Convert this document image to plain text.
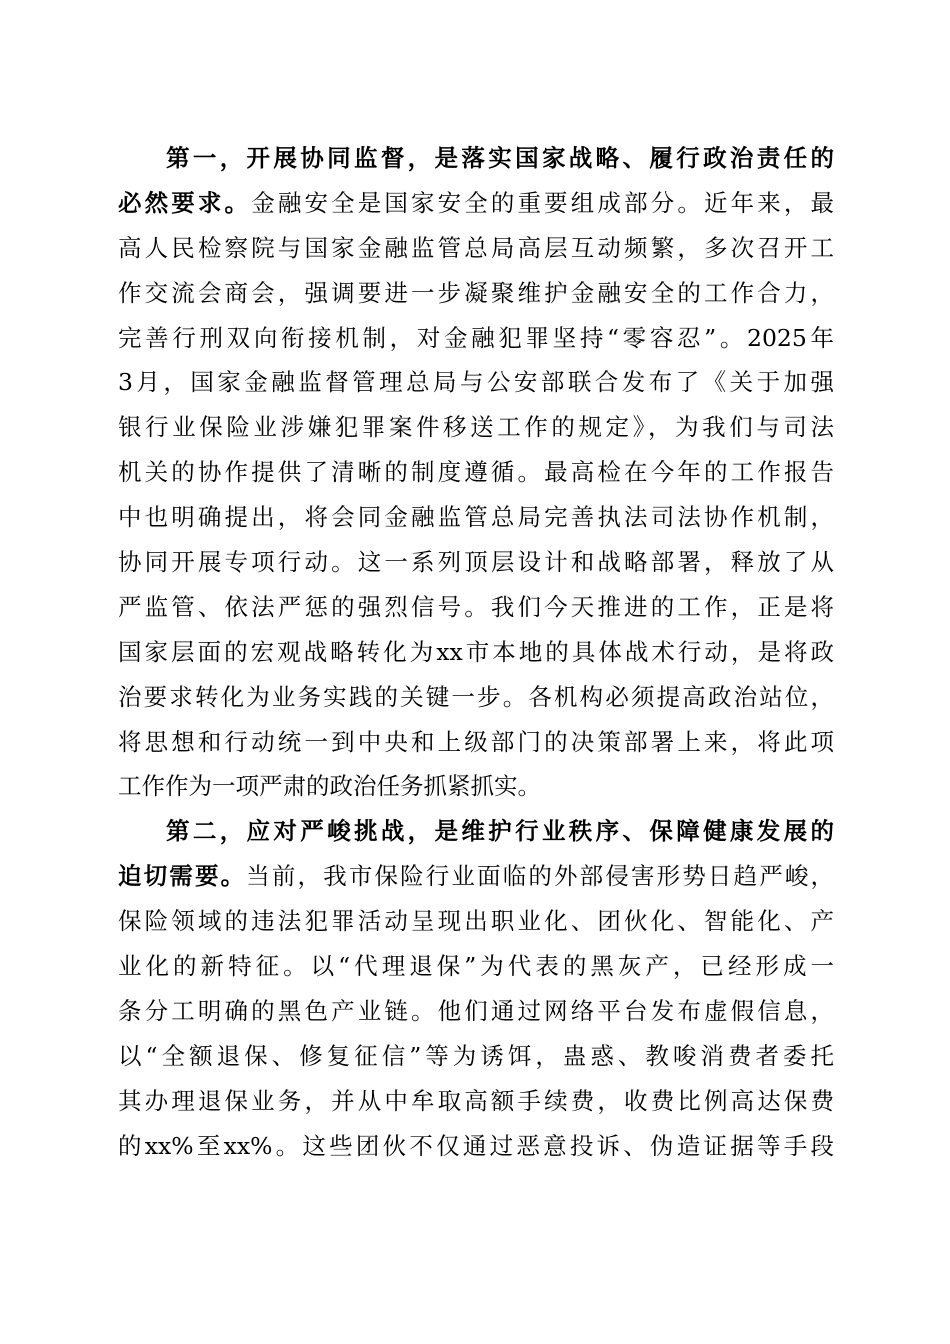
第一，开展协同监督，是落实国家战略、履行政治责任的
必然要求。金融安全是国家安全的重要组成部分。近年来，最
高人民检察院与国家金融监管总局高层互动频繁，多次召开工
作交流会商会，强调要进一步凝聚维护金融安全的工作合力，
完善行刑双向衔接机制，对金融犯罪坚持“零容忍”。2025年
3月，国家金融监督管理总局与公安部联合发布了《关于加强
银行业保险业涉嫌犯罪案件移送工作的规定》，为我们与司法
机关的协作提供了清晰的制度遵循。最高检在今年的工作报告
中也明确提出，将会同金融监管总局完善执法司法协作机制，
协同开展专项行动。这一系列顶层设计和战略部署，释放了从
严监管、依法严惩的强烈信号。我们今天推进的工作，正是将
国家层面的宏观战略转化为xx市本地的具体战术行动，是将政
治要求转化为业务实践的关键一步。各机构必须提高政治站位，
将思想和行动统一到中央和上级部门的决策部署上来，将此项
工作作为一项严肃的政治任务抓紧抓实。
第二，应对严峻挑战，是维护行业秩序、保障健康发展的
迫切需要。当前，我市保险行业面临的外部侵害形势日趋严峻，
保险领域的违法犯罪活动呈现出职业化、团伙化、智能化、产
业化的新特征。以“代理退保”为代表的黑灰产，已经形成一
条分工明确的黑色产业链。他们通过网络平台发布虚假信息，
以“全额退保、修复征信”等为诱饵，蛊惑、教唆消费者委托
其办理退保业务，并从中牟取高额手续费，收费比例高达保费
的xx%至xx%。这些团伙不仅通过恶意投诉、伪造证据等手段
